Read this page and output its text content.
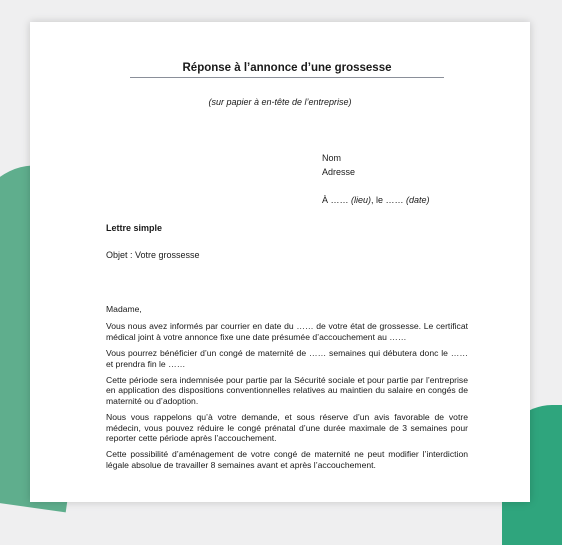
Réponse à l’annonce d’une grossesse
(sur papier à en-tête de l’entreprise)
Nom
Adresse
À …… (lieu), le …… (date)
Lettre simple
Objet : Votre grossesse

Madame,

Vous nous avez informés par courrier en date du …… de votre état de grossesse. Le certificat médical joint à votre annonce fixe une date présumée d’accouchement au ……

Vous pourrez bénéficier d’un congé de maternité de …… semaines qui débutera donc le …… et prendra fin le ……

Cette période sera indemnisée pour partie par la Sécurité sociale et pour partie par l’entreprise en application des dispositions conventionnelles relatives au maintien du salaire en congés de maternité ou d’adoption.

Nous vous rappelons qu’à votre demande, et sous réserve d’un avis favorable de votre médecin, vous pouvez réduire le congé prénatal d’une durée maximale de 3 semaines pour reporter cette période après l’accouchement.

Cette possibilité d’aménagement de votre congé de maternité ne peut modifier l’interdiction légale absolue de travailler 8 semaines avant et après l’accouchement.
